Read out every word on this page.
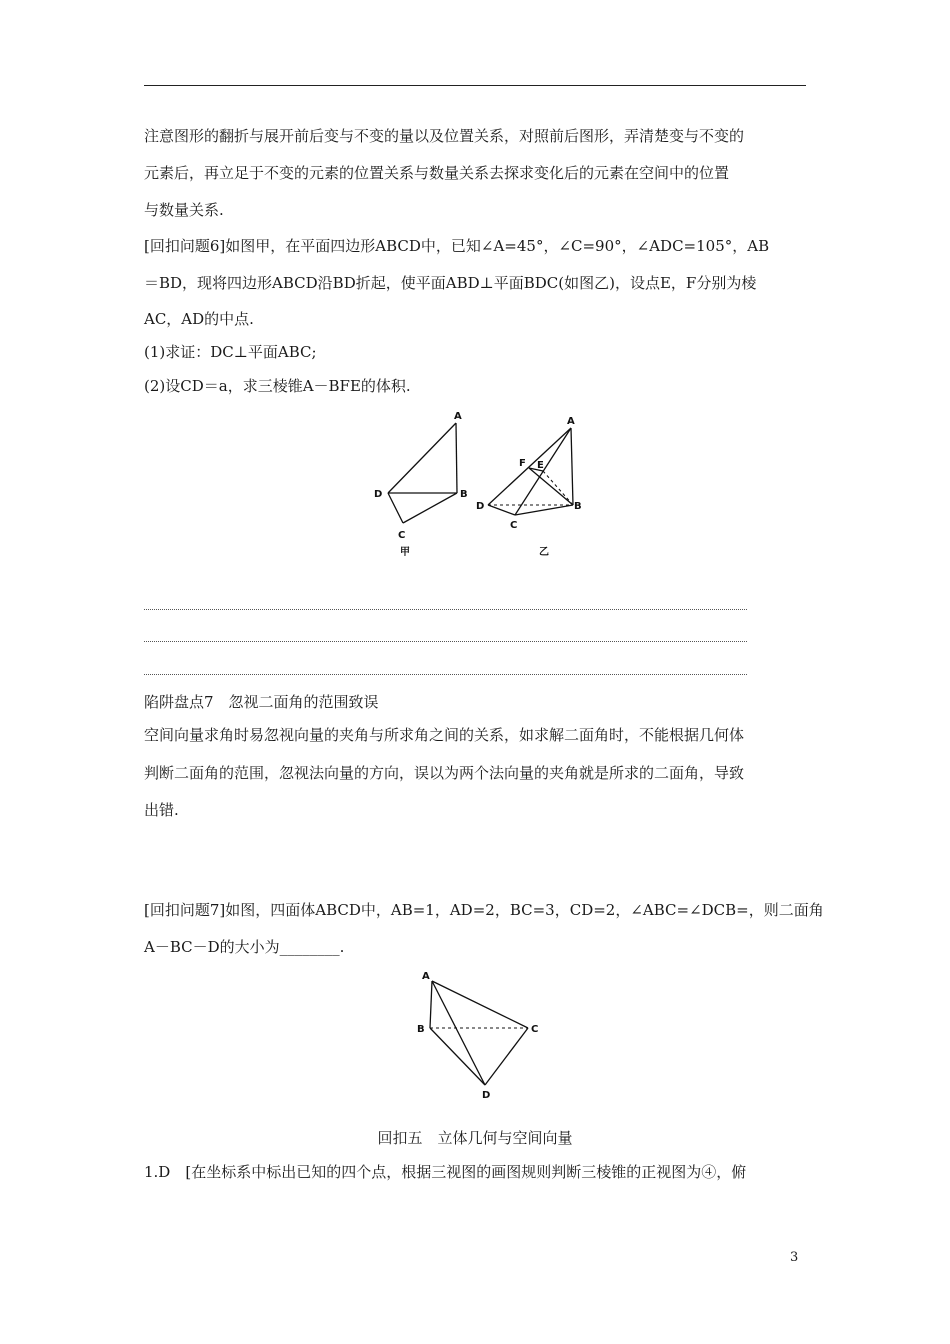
注意图形的翻折与展开前后变与不变的量以及位置关系，对照前后图形，弄清楚变与不变的
元素后，再立足于不变的元素的位置关系与数量关系去探求变化后的元素在空间中的位置
与数量关系.
[回扣问题6]如图甲，在平面四边形ABCD中，已知∠A=45°，∠C=90°，∠ADC=105°，AB
＝BD，现将四边形ABCD沿BD折起，使平面ABD⊥平面BDC(如图乙)，设点E，F分别为棱
AC，AD的中点.
(1)求证：DC⊥平面ABC;
(2)设CD＝a，求三棱锥A－BFE的体积.
A
D	B
C
甲
A
F E
D	B
C
乙
陷阱盘点7　忽视二面角的范围致误
空间向量求角时易忽视向量的夹角与所求角之间的关系，如求解二面角时，不能根据几何体
判断二面角的范围，忽视法向量的方向，误以为两个法向量的夹角就是所求的二面角，导致
出错.
[回扣问题7]如图，四面体ABCD中，AB=1，AD=2，BC=3，CD=2，∠ABC=∠DCB=，则二面角
A－BC－D的大小为________.
A
B	C
D
回扣五　立体几何与空间向量
1.D　[在坐标系中标出已知的四个点，根据三视图的画图规则判断三棱锥的正视图为④，俯
3
